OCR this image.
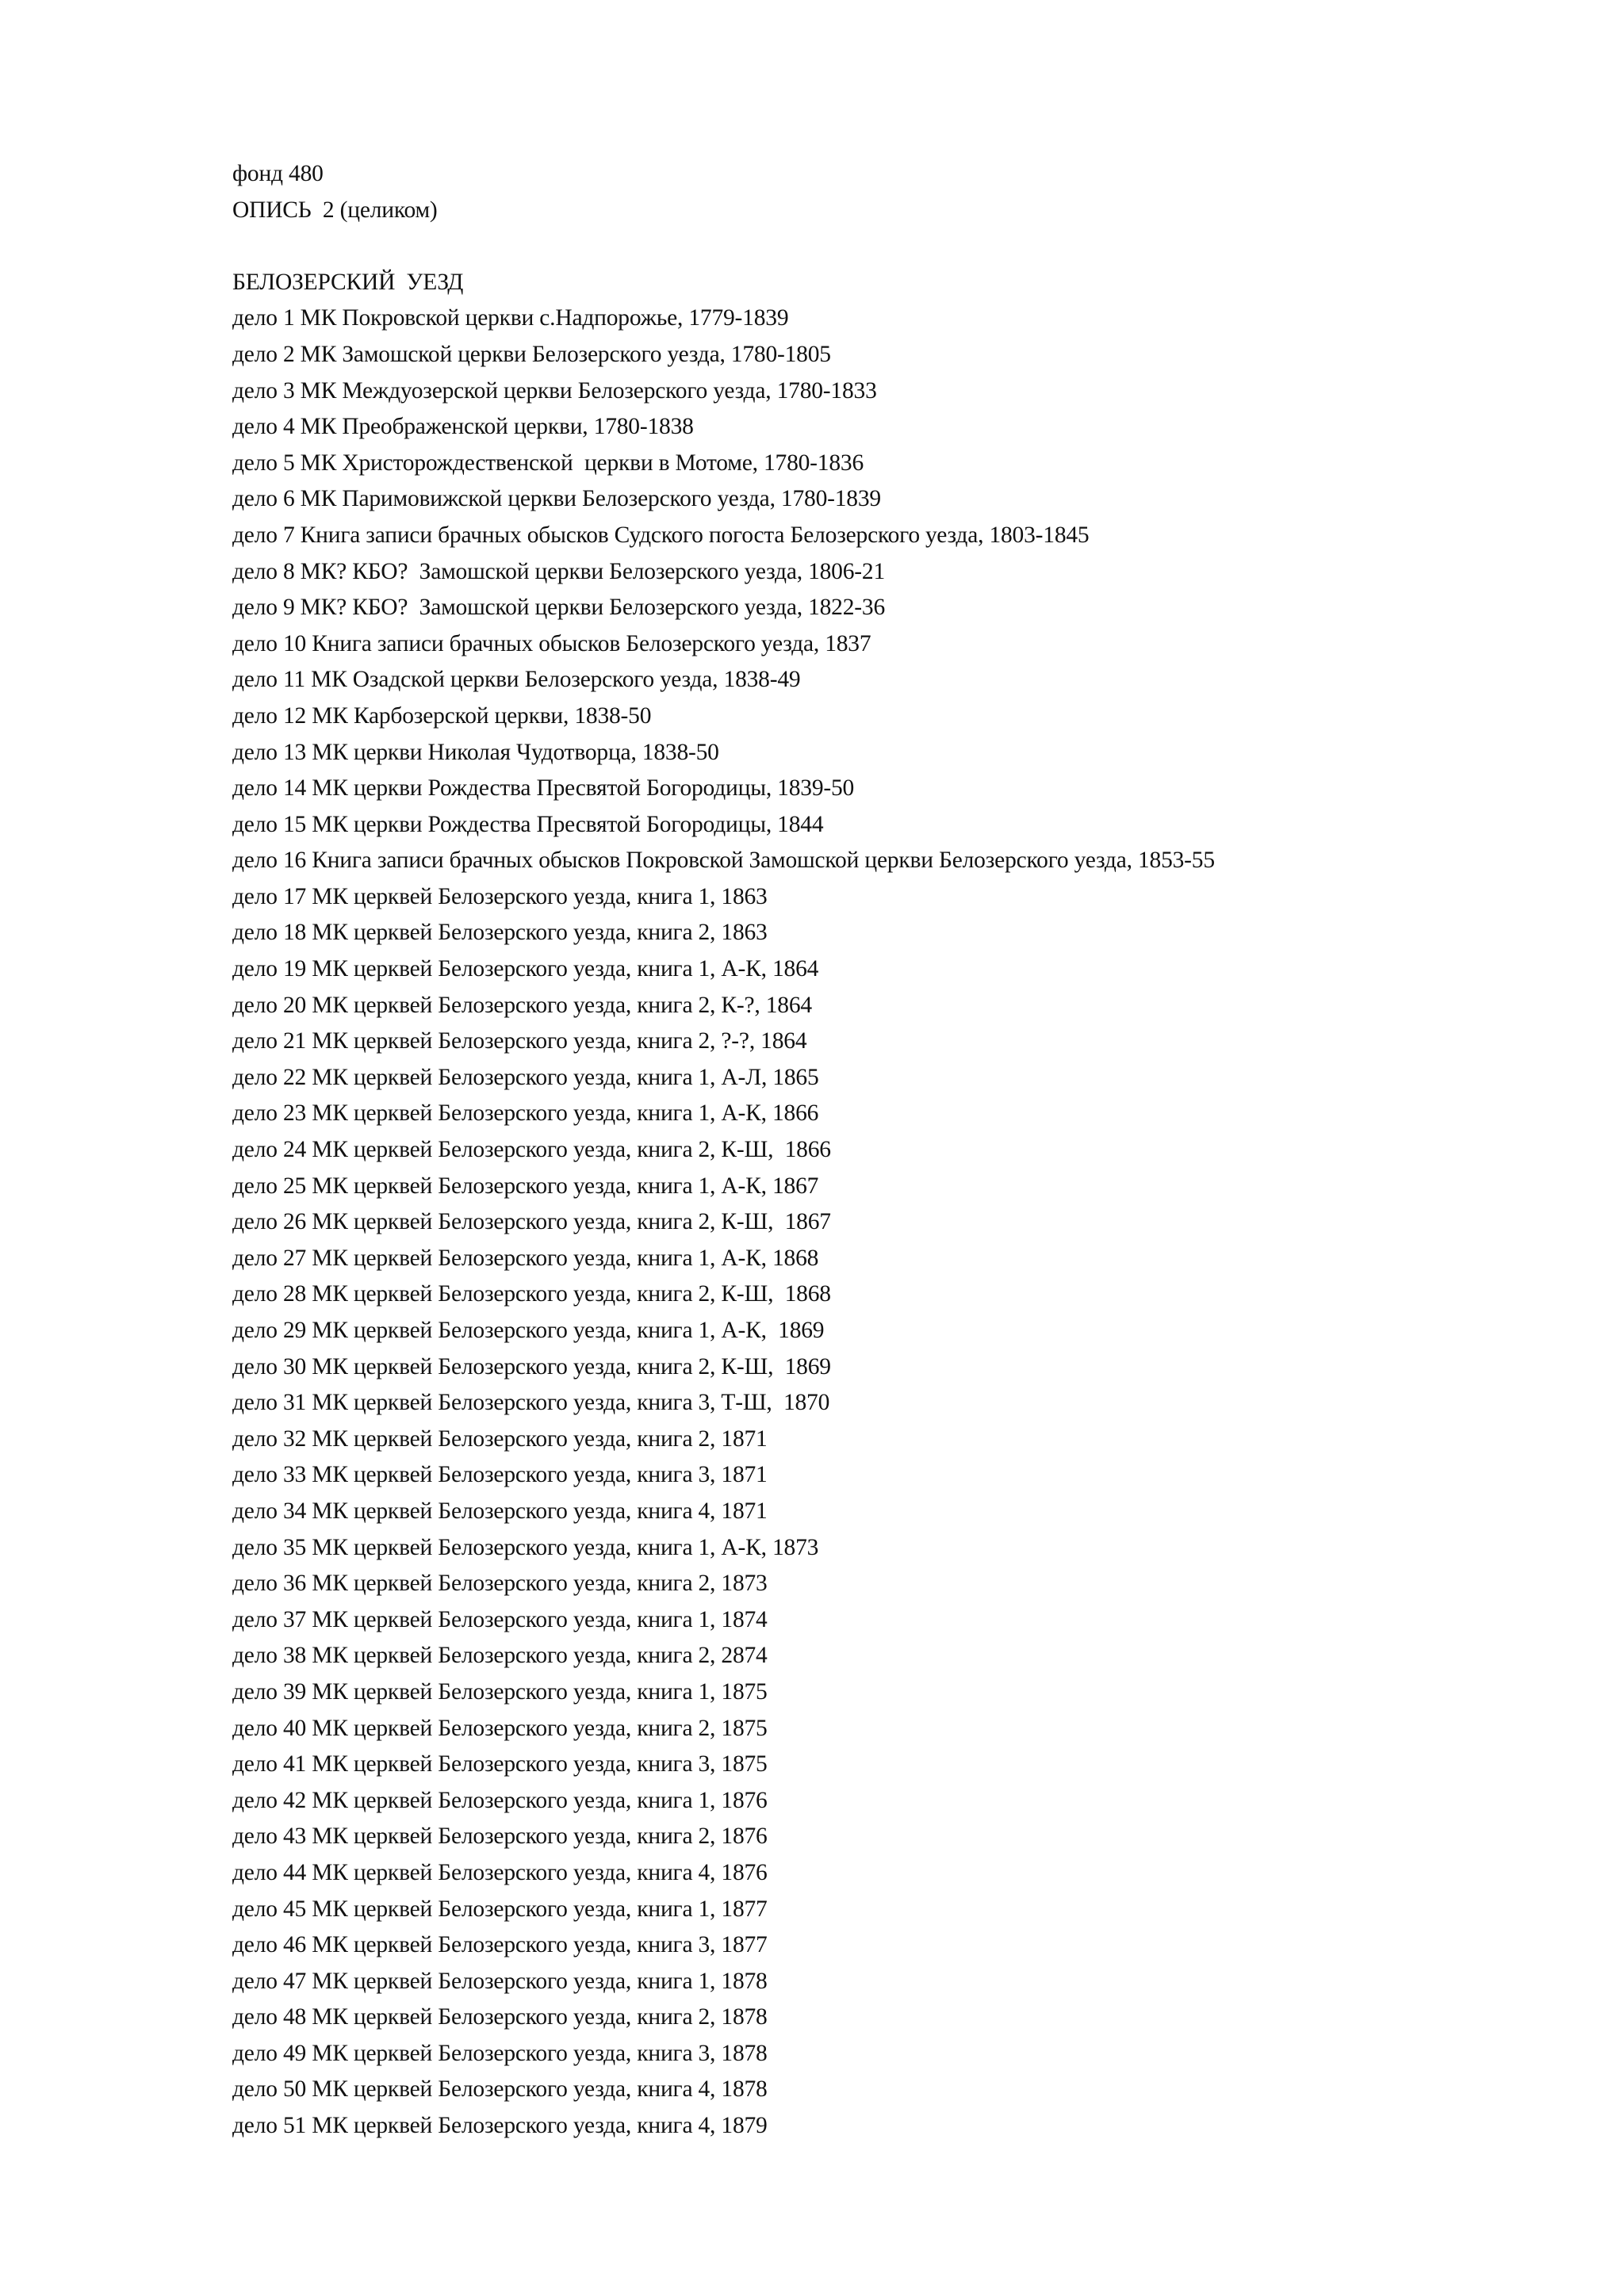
фонд 480
ОПИСЬ  2 (целиком)
БЕЛОЗЕРСКИЙ  УЕЗД
дело 1 МК Покровской церкви с.Надпорожье, 1779-1839
дело 2 МК Замошской церкви Белозерского уезда, 1780-1805
дело 3 МК Междуозерской церкви Белозерского уезда, 1780-1833
дело 4 МК Преображенской церкви, 1780-1838
дело 5 МК Христорождественской  церкви в Мотоме, 1780-1836
дело 6 МК Паримовижской церкви Белозерского уезда, 1780-1839
дело 7 Книга записи брачных обысков Судского погоста Белозерского уезда, 1803-1845
дело 8 МК? КБО?  Замошской церкви Белозерского уезда, 1806-21
дело 9 МК? КБО?  Замошской церкви Белозерского уезда, 1822-36
дело 10 Книга записи брачных обысков Белозерского уезда, 1837
дело 11 МК Озадской церкви Белозерского уезда, 1838-49
дело 12 МК Карбозерской церкви, 1838-50
дело 13 МК церкви Николая Чудотворца, 1838-50
дело 14 МК церкви Рождества Пресвятой Богородицы, 1839-50
дело 15 МК церкви Рождества Пресвятой Богородицы, 1844
дело 16 Книга записи брачных обысков Покровской Замошской церкви Белозерского уезда, 1853-55
дело 17 МК церквей Белозерского уезда, книга 1, 1863
дело 18 МК церквей Белозерского уезда, книга 2, 1863
дело 19 МК церквей Белозерского уезда, книга 1, А-К, 1864
дело 20 МК церквей Белозерского уезда, книга 2, К-?, 1864
дело 21 МК церквей Белозерского уезда, книга 2, ?-?, 1864
дело 22 МК церквей Белозерского уезда, книга 1, А-Л, 1865
дело 23 МК церквей Белозерского уезда, книга 1, А-К, 1866
дело 24 МК церквей Белозерского уезда, книга 2, К-Ш,  1866
дело 25 МК церквей Белозерского уезда, книга 1, А-К, 1867
дело 26 МК церквей Белозерского уезда, книга 2, К-Ш,  1867
дело 27 МК церквей Белозерского уезда, книга 1, А-К, 1868
дело 28 МК церквей Белозерского уезда, книга 2, К-Ш,  1868
дело 29 МК церквей Белозерского уезда, книга 1, А-К,  1869
дело 30 МК церквей Белозерского уезда, книга 2, К-Ш,  1869
дело 31 МК церквей Белозерского уезда, книга 3, Т-Ш,  1870
дело 32 МК церквей Белозерского уезда, книга 2, 1871
дело 33 МК церквей Белозерского уезда, книга 3, 1871
дело 34 МК церквей Белозерского уезда, книга 4, 1871
дело 35 МК церквей Белозерского уезда, книга 1, А-К, 1873
дело 36 МК церквей Белозерского уезда, книга 2, 1873
дело 37 МК церквей Белозерского уезда, книга 1, 1874
дело 38 МК церквей Белозерского уезда, книга 2, 2874
дело 39 МК церквей Белозерского уезда, книга 1, 1875
дело 40 МК церквей Белозерского уезда, книга 2, 1875
дело 41 МК церквей Белозерского уезда, книга 3, 1875
дело 42 МК церквей Белозерского уезда, книга 1, 1876
дело 43 МК церквей Белозерского уезда, книга 2, 1876
дело 44 МК церквей Белозерского уезда, книга 4, 1876
дело 45 МК церквей Белозерского уезда, книга 1, 1877
дело 46 МК церквей Белозерского уезда, книга 3, 1877
дело 47 МК церквей Белозерского уезда, книга 1, 1878
дело 48 МК церквей Белозерского уезда, книга 2, 1878
дело 49 МК церквей Белозерского уезда, книга 3, 1878
дело 50 МК церквей Белозерского уезда, книга 4, 1878
дело 51 МК церквей Белозерского уезда, книга 4, 1879
